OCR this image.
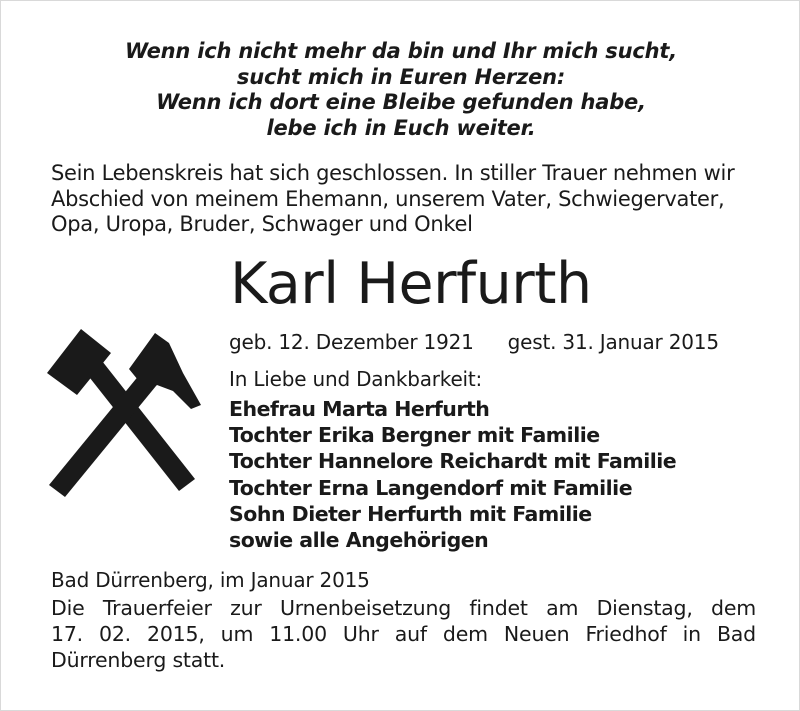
Wenn ich nicht mehr da bin und Ihr mich sucht,
sucht mich in Euren Herzen:
Wenn ich dort eine Bleibe gefunden habe,
lebe ich in Euch weiter.
Sein Lebenskreis hat sich geschlossen. In stiller Trauer nehmen wir
Abschied von meinem Ehemann, unserem Vater, Schwiegervater,
Opa, Uropa, Bruder, Schwager und Onkel
Karl Herfurth
geb. 12. Dezember 1921 gest. 31. Januar 2015
In Liebe und Dankbarkeit:
Ehefrau Marta Herfurth
Tochter Erika Bergner mit Familie
Tochter Hannelore Reichardt mit Familie
Tochter Erna Langendorf mit Familie
Sohn Dieter Herfurth mit Familie
sowie alle Angehörigen
Bad Dürrenberg, im Januar 2015
Die Trauerfeier zur Urnenbeisetzung findet am Dienstag, dem
17. 02. 2015, um 11.00 Uhr auf dem Neuen Friedhof in Bad
Dürrenberg statt.
